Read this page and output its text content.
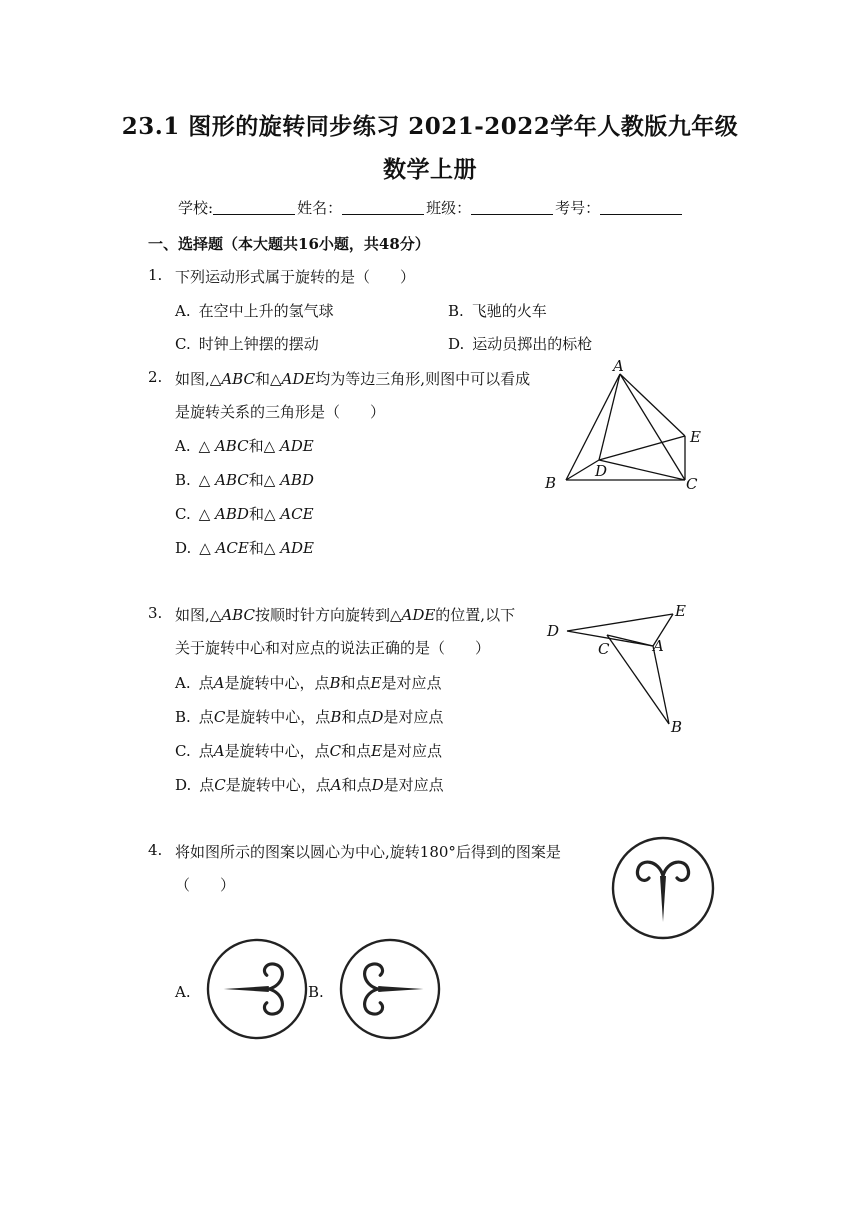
23.1 图形的旋转同步练习 2021-2022学年人教版九年级
数学上册
学校:	姓名：	班级：	考号：
一、选择题（本大题共16小题，共48分）
1. 下列运动形式属于旋转的是（　　）
A. 在空中上升的氢气球	B. 飞驰的火车
C. 时钟上钟摆的摆动	D. 运动员掷出的标枪
2. 如图,△ABC和△ADE均为等边三角形,则图中可以看成
是旋转关系的三角形是（　　）
A. △ ABC和△ ADE
B. △ ABC和△ ABD
C. △ ABD和△ ACE
D. △ ACE和△ ADE
A
B	C
D
E
3. 如图,△ABC按顺时针方向旋转到△ADE的位置,以下
关于旋转中心和对应点的说法正确的是（　　）
A. 点A是旋转中心，点B和点E是对应点
B. 点C是旋转中心，点B和点D是对应点
C. 点A是旋转中心，点C和点E是对应点
D. 点C是旋转中心，点A和点D是对应点
E
D
C	A
B
4. 将如图所示的图案以圆心为中心,旋转180°后得到的图案是
（　　）
A.	B.
